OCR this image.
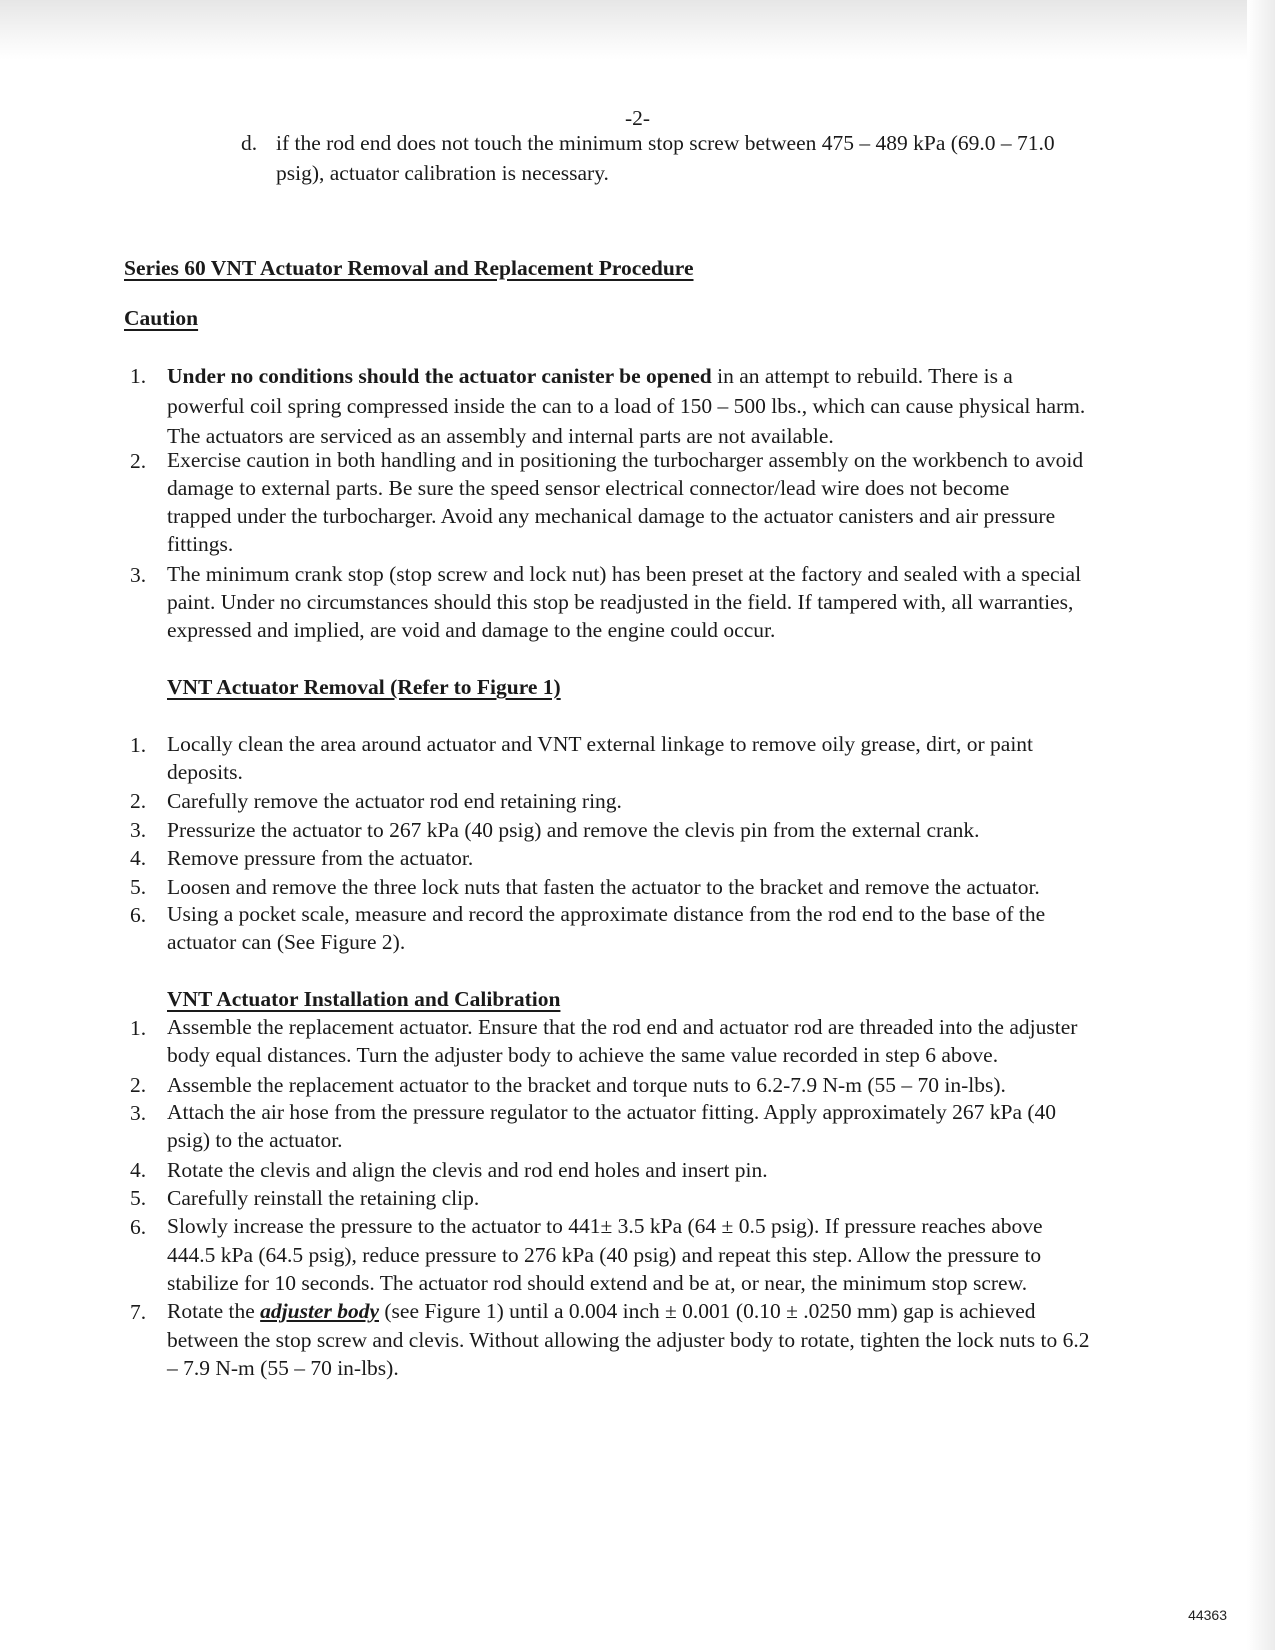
-2-
d. if the rod end does not touch the minimum stop screw between 475 – 489 kPa (69.0 – 71.0
psig), actuator calibration is necessary.
Series 60 VNT Actuator Removal and Replacement Procedure
Caution
1. Under no conditions should the actuator canister be opened in an attempt to rebuild. There is a
powerful coil spring compressed inside the can to a load of 150 – 500 lbs., which can cause physical harm.
The actuators are serviced as an assembly and internal parts are not available.
2. Exercise caution in both handling and in positioning the turbocharger assembly on the workbench to avoid
damage to external parts. Be sure the speed sensor electrical connector/lead wire does not become
trapped under the turbocharger. Avoid any mechanical damage to the actuator canisters and air pressure
fittings.
3. The minimum crank stop (stop screw and lock nut) has been preset at the factory and sealed with a special
paint. Under no circumstances should this stop be readjusted in the field. If tampered with, all warranties,
expressed and implied, are void and damage to the engine could occur.
VNT Actuator Removal (Refer to Figure 1)
1. Locally clean the area around actuator and VNT external linkage to remove oily grease, dirt, or paint
deposits.
2. Carefully remove the actuator rod end retaining ring.
3. Pressurize the actuator to 267 kPa (40 psig) and remove the clevis pin from the external crank.
4. Remove pressure from the actuator.
5. Loosen and remove the three lock nuts that fasten the actuator to the bracket and remove the actuator.
6. Using a pocket scale, measure and record the approximate distance from the rod end to the base of the
actuator can (See Figure 2).
VNT Actuator Installation and Calibration
1. Assemble the replacement actuator. Ensure that the rod end and actuator rod are threaded into the adjuster
body equal distances. Turn the adjuster body to achieve the same value recorded in step 6 above.
2. Assemble the replacement actuator to the bracket and torque nuts to 6.2-7.9 N-m (55 – 70 in-lbs).
3. Attach the air hose from the pressure regulator to the actuator fitting. Apply approximately 267 kPa (40
psig) to the actuator.
4. Rotate the clevis and align the clevis and rod end holes and insert pin.
5. Carefully reinstall the retaining clip.
6. Slowly increase the pressure to the actuator to 441± 3.5 kPa (64 ± 0.5 psig). If pressure reaches above
444.5 kPa (64.5 psig), reduce pressure to 276 kPa (40 psig) and repeat this step. Allow the pressure to
stabilize for 10 seconds. The actuator rod should extend and be at, or near, the minimum stop screw.
7. Rotate the adjuster body (see Figure 1) until a 0.004 inch ± 0.001 (0.10 ± .0250 mm) gap is achieved
between the stop screw and clevis. Without allowing the adjuster body to rotate, tighten the lock nuts to 6.2
– 7.9 N-m (55 – 70 in-lbs).
44363
